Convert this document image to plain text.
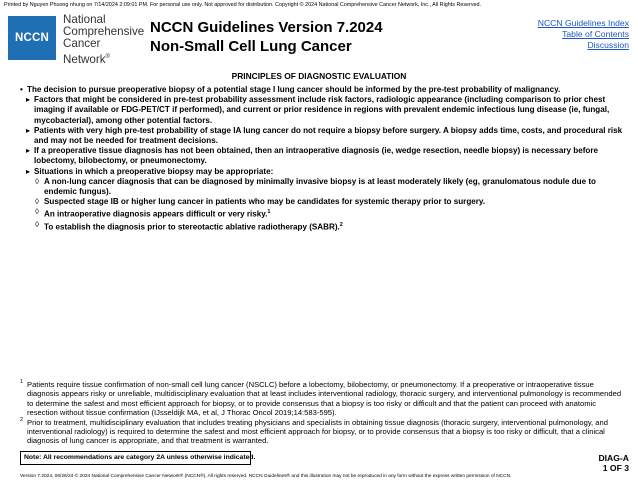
Printed by Nguyen Phuong nhung on 7/14/2024 2:09:01 PM. For personal use only. Not approved for distribution. Copyright © 2024 National Comprehensive Cancer Network, Inc., All Rights Reserved.
NCCN
National
Comprehensive
Cancer
Network®
NCCN Guidelines Version 7.2024
Non-Small Cell Lung Cancer
NCCN Guidelines Index
Table of Contents
Discussion
PRINCIPLES OF DIAGNOSTIC EVALUATION
• The decision to pursue preoperative biopsy of a potential stage I lung cancer should be informed by the pre-test probability of malignancy.
▸ Factors that might be considered in pre-test probability assessment include risk factors, radiologic appearance (including comparison to prior chest imaging if available or FDG-PET/CT if performed), and current or prior residence in regions with prevalent endemic infectious lung disease (ie, fungal, mycobacterial), among other potential factors.
▸ Patients with very high pre-test probability of stage IA lung cancer do not require a biopsy before surgery. A biopsy adds time, costs, and procedural risk and may not be needed for treatment decisions.
▸ If a preoperative tissue diagnosis has not been obtained, then an intraoperative diagnosis (ie, wedge resection, needle biopsy) is necessary before lobectomy, bilobectomy, or pneumonectomy.
▸ Situations in which a preoperative biopsy may be appropriate:
◊ A non-lung cancer diagnosis that can be diagnosed by minimally invasive biopsy is at least moderately likely (eg, granulomatous nodule due to endemic fungus).
◊ Suspected stage IB or higher lung cancer in patients who may be candidates for systemic therapy prior to surgery.
◊ An intraoperative diagnosis appears difficult or very risky.$^1$
◊ To establish the diagnosis prior to stereotactic ablative radiotherapy (SABR).$^2$
1 Patients require tissue confirmation of non-small cell lung cancer (NSCLC) before a lobectomy, bilobectomy, or pneumonectomy. If a preoperative or intraoperative tissue diagnosis appears risky or unreliable, multidisciplinary evaluation that at least includes interventional radiology, thoracic surgery, and interventional pulmonology is recommended to determine the safest and most efficient approach for biopsy, or to provide consensus that a biopsy is too risky or difficult and that the patient can proceed with anatomic resection without tissue confirmation (IJsseldijk MA, et al, J Thorac Oncol 2019;14:583-595).
2 Prior to treatment, multidisciplinary evaluation that includes treating physicians and specialists in obtaining tissue diagnosis (thoracic surgery, interventional pulmonology, and interventional radiology) is required to determine the safest and most efficient approach for biopsy, or to provide consensus that a biopsy is too risky or difficult, that a clinical diagnosis of lung cancer is appropriate, and that treatment is warranted.
Note: All recommendations are category 2A unless otherwise indicated.	DIAG-A
1 OF 3
Version 7.2024, 06/26/24 © 2024 National Comprehensive Cancer Network® (NCCN®), All rights reserved. NCCN Guidelines® and this illustration may not be reproduced in any form without the express written permission of NCCN.
